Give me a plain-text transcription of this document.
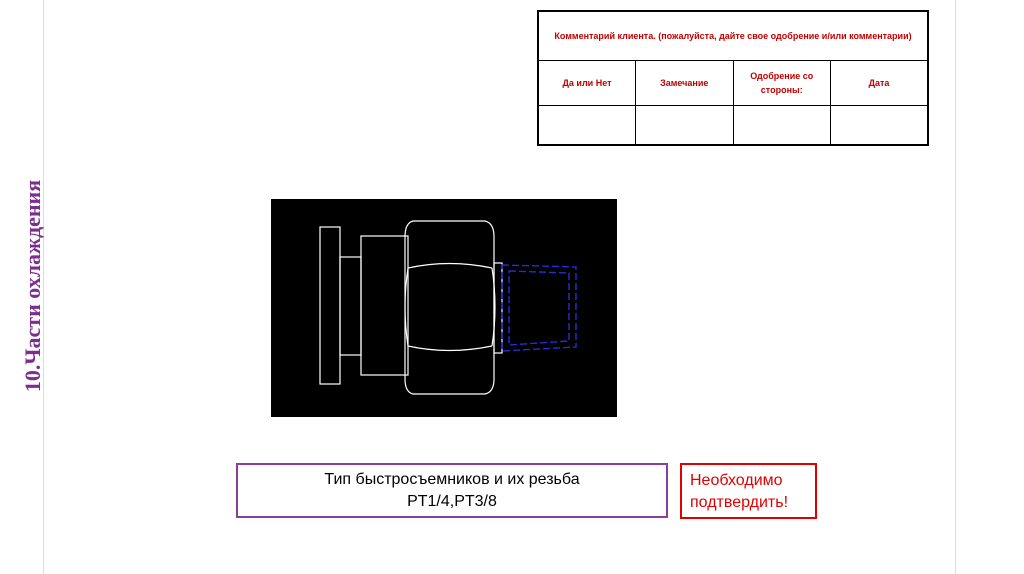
10.Части охлаждения
Комментарий клиента. (пожалуйста, дайте свое одобрение и/или комментарии)			
Да или Нет	Замечание	Одобрение со стороны:	Дата

Тип быстросъемников и их резьба
PT1/4,PT3/8
Необходимо
подтвердить!
